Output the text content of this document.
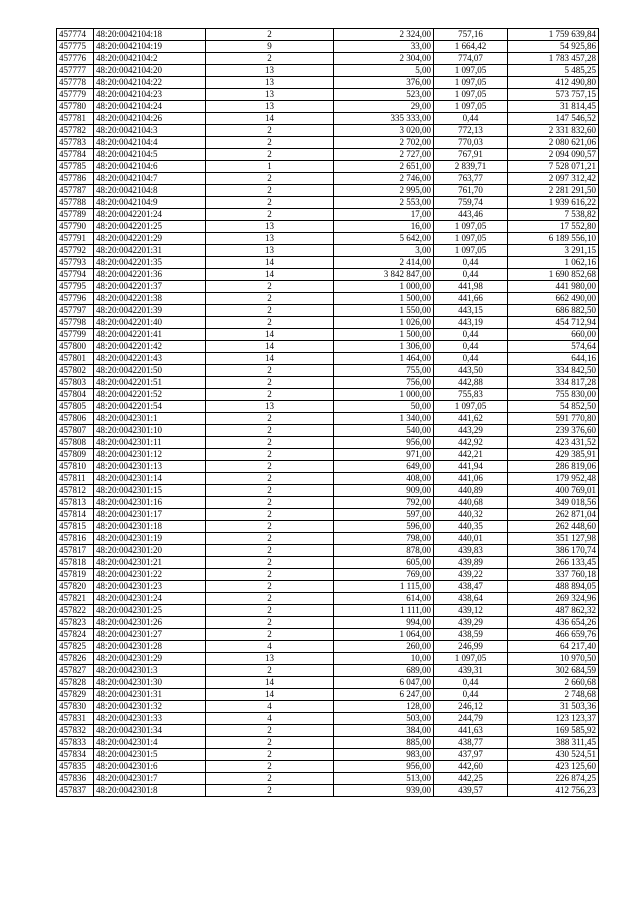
457774	48:20:0042104:18	2	2 324,00	757,16	1 759 639,84
457775	48:20:0042104:19	9	33,00	1 664,42	54 925,86
457776	48:20:0042104:2	2	2 304,00	774,07	1 783 457,28
457777	48:20:0042104:20	13	5,00	1 097,05	5 485,25
457778	48:20:0042104:22	13	376,00	1 097,05	412 490,80
457779	48:20:0042104:23	13	523,00	1 097,05	573 757,15
457780	48:20:0042104:24	13	29,00	1 097,05	31 814,45
457781	48:20:0042104:26	14	335 333,00	0,44	147 546,52
457782	48:20:0042104:3	2	3 020,00	772,13	2 331 832,60
457783	48:20:0042104:4	2	2 702,00	770,03	2 080 621,06
457784	48:20:0042104:5	2	2 727,00	767,91	2 094 090,57
457785	48:20:0042104:6	1	2 651,00	2 839,71	7 528 071,21
457786	48:20:0042104:7	2	2 746,00	763,77	2 097 312,42
457787	48:20:0042104:8	2	2 995,00	761,70	2 281 291,50
457788	48:20:0042104:9	2	2 553,00	759,74	1 939 616,22
457789	48:20:0042201:24	2	17,00	443,46	7 538,82
457790	48:20:0042201:25	13	16,00	1 097,05	17 552,80
457791	48:20:0042201:29	13	5 642,00	1 097,05	6 189 556,10
457792	48:20:0042201:31	13	3,00	1 097,05	3 291,15
457793	48:20:0042201:35	14	2 414,00	0,44	1 062,16
457794	48:20:0042201:36	14	3 842 847,00	0,44	1 690 852,68
457795	48:20:0042201:37	2	1 000,00	441,98	441 980,00
457796	48:20:0042201:38	2	1 500,00	441,66	662 490,00
457797	48:20:0042201:39	2	1 550,00	443,15	686 882,50
457798	48:20:0042201:40	2	1 026,00	443,19	454 712,94
457799	48:20:0042201:41	14	1 500,00	0,44	660,00
457800	48:20:0042201:42	14	1 306,00	0,44	574,64
457801	48:20:0042201:43	14	1 464,00	0,44	644,16
457802	48:20:0042201:50	2	755,00	443,50	334 842,50
457803	48:20:0042201:51	2	756,00	442,88	334 817,28
457804	48:20:0042201:52	2	1 000,00	755,83	755 830,00
457805	48:20:0042201:54	13	50,00	1 097,05	54 852,50
457806	48:20:0042301:1	2	1 340,00	441,62	591 770,80
457807	48:20:0042301:10	2	540,00	443,29	239 376,60
457808	48:20:0042301:11	2	956,00	442,92	423 431,52
457809	48:20:0042301:12	2	971,00	442,21	429 385,91
457810	48:20:0042301:13	2	649,00	441,94	286 819,06
457811	48:20:0042301:14	2	408,00	441,06	179 952,48
457812	48:20:0042301:15	2	909,00	440,89	400 769,01
457813	48:20:0042301:16	2	792,00	440,68	349 018,56
457814	48:20:0042301:17	2	597,00	440,32	262 871,04
457815	48:20:0042301:18	2	596,00	440,35	262 448,60
457816	48:20:0042301:19	2	798,00	440,01	351 127,98
457817	48:20:0042301:20	2	878,00	439,83	386 170,74
457818	48:20:0042301:21	2	605,00	439,89	266 133,45
457819	48:20:0042301:22	2	769,00	439,22	337 760,18
457820	48:20:0042301:23	2	1 115,00	438,47	488 894,05
457821	48:20:0042301:24	2	614,00	438,64	269 324,96
457822	48:20:0042301:25	2	1 111,00	439,12	487 862,32
457823	48:20:0042301:26	2	994,00	439,29	436 654,26
457824	48:20:0042301:27	2	1 064,00	438,59	466 659,76
457825	48:20:0042301:28	4	260,00	246,99	64 217,40
457826	48:20:0042301:29	13	10,00	1 097,05	10 970,50
457827	48:20:0042301:3	2	689,00	439,31	302 684,59
457828	48:20:0042301:30	14	6 047,00	0,44	2 660,68
457829	48:20:0042301:31	14	6 247,00	0,44	2 748,68
457830	48:20:0042301:32	4	128,00	246,12	31 503,36
457831	48:20:0042301:33	4	503,00	244,79	123 123,37
457832	48:20:0042301:34	2	384,00	441,63	169 585,92
457833	48:20:0042301:4	2	885,00	438,77	388 311,45
457834	48:20:0042301:5	2	983,00	437,97	430 524,51
457835	48:20:0042301:6	2	956,00	442,60	423 125,60
457836	48:20:0042301:7	2	513,00	442,25	226 874,25
457837	48:20:0042301:8	2	939,00	439,57	412 756,23
